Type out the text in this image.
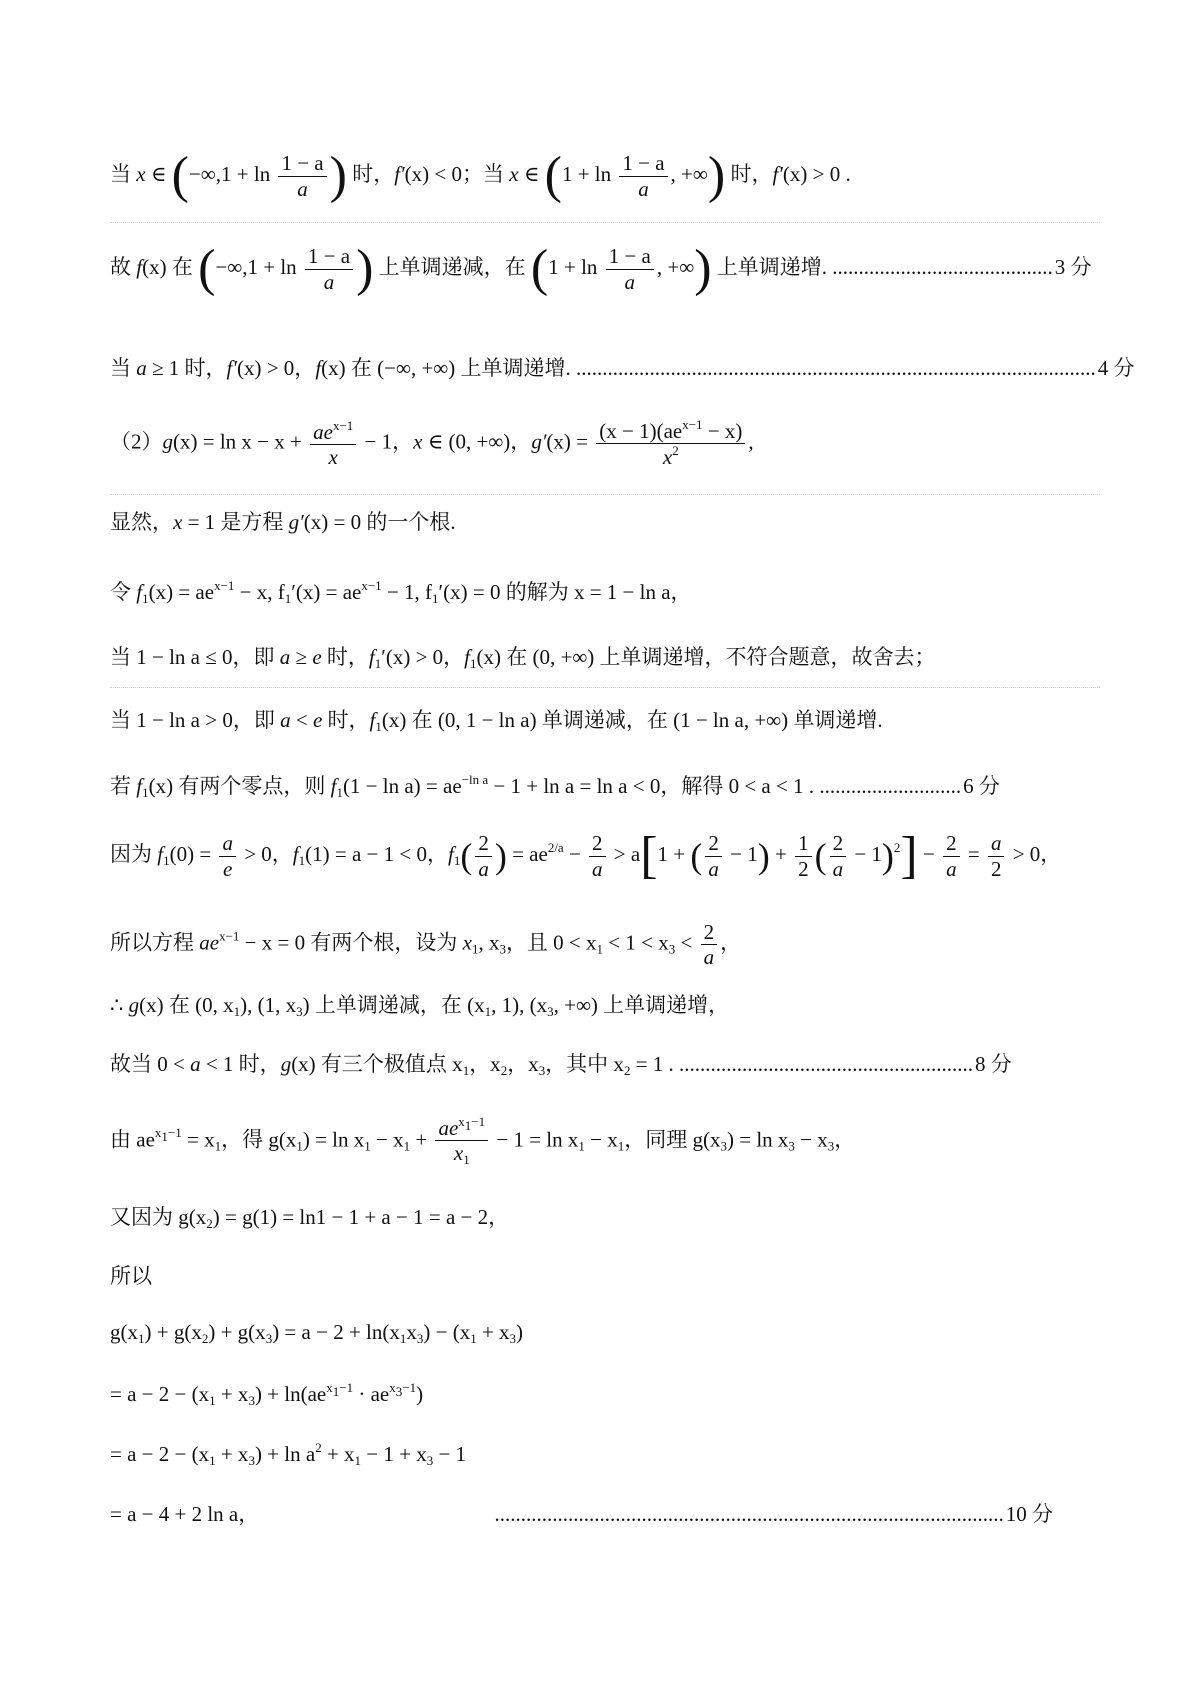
当 x ∈ ($-\infty,1 + \ln \frac{1 - a}{a}$ ) 时，f′(x) < 0；当 x ∈ ($1 + \ln \frac{1 - a}{a}$ , +∞) 时，f′(x) > 0 .
故 f(x) 在 ($-\infty,1 + \ln \frac{1 - a}{a}$ ) 上单调递减，在 ($1 + \ln \frac{1 - a}{a}$ , +∞) 上单调递增. ..........................................3 分
当 a ≥ 1 时，f′(x) > 0，f(x) 在 (−∞, +∞) 上单调递增. ...................................................................................................4 分
$(2)g(x) = \ln x - x + \frac{ae^{x-1}}{x} - 1$，x ∈ (0, +∞)，$g'(x) = \frac{(x - 1)(ae^{x-1} - x)}{x^2}$ ,
显然，x = 1 是方程 g′(x) = 0 的一个根.
令 $f_1(x) = ae^{x-1} - x$, $f_1'(x) = ae^{x-1} - 1$, $f_1'(x) = 0$ 的解为 x = 1 − ln a，
当 1 − ln a ≤ 0，即 a ≥ e 时，$f_1'(x) > 0$，$f_1(x)$ 在 (0, +∞) 上单调递增，不符合题意，故舍去；
当 1 − ln a > 0，即 a < e 时，$f_1(x)$ 在 (0, 1 − ln a) 单调递减，在 (1 − ln a, +∞) 单调递增.
若 $f_1(x)$ 有两个零点，则 $f_1(1 - \ln a) = ae^{-ln a} - 1 + \ln a = \ln a < 0$，解得 0 < a < 1 . ...........................6 分
因为 $f_1(0) = \frac{a}{e} > 0$，$f_1(1) = a - 1 < 0$，$f_1( \frac{2}{a}$ ) = $ae^{2/a} - \frac{2}{a} > a[1$ + ( $\frac{2}{a} - 1) + \frac{1}{2}$ ( $\frac{2}{a} - 1)^2] - \frac{2}{a} = \frac{a}{2} > 0$，
所以方程 $ae^{x-1} - x = 0$ 有两个根，设为 $x_1$, $x_3$，且 $0 < x_1 < 1 < x_3 < \frac{2}{a}$ ，
∴ g(x) 在 (0, $x_1$), (1, $x_3$) 上单调递减，在 ($x_1$, 1), ($x_3$, +∞) 上单调递增，
故当 0 < a < 1 时，g(x) 有三个极值点 $x_1$，$x_2$，$x_3$，其中 $x_2 = 1$ . ........................................................8 分
由 $ae^{x_1-1} = x_1$，得 $g(x_1) = \ln x_1 - x_1 + \frac{ae^{x_1-1}}{x_1} - 1 = \ln x_1 - x_1$，同理 $g(x_3) = \ln x_3 - x_3$，
又因为 $g(x_2) = g(1) = \ln 1 - 1 + a - 1 = a - 2$，
所以
$g(x_1) + g(x_2) + g(x_3) = a - 2 + \ln(x_1x_3) - (x_1 + x_3)$
= $a - 2 - (x_1 + x_3) + \ln(ae^{x_1-1} \cdot ae^{x_3-1})$
= $a - 2 - (x_1 + x_3) + \ln a^2 + x_1 - 1 + x_3 - 1$
= a − 4 + 2 ln a，	.................................................................................................10 分
